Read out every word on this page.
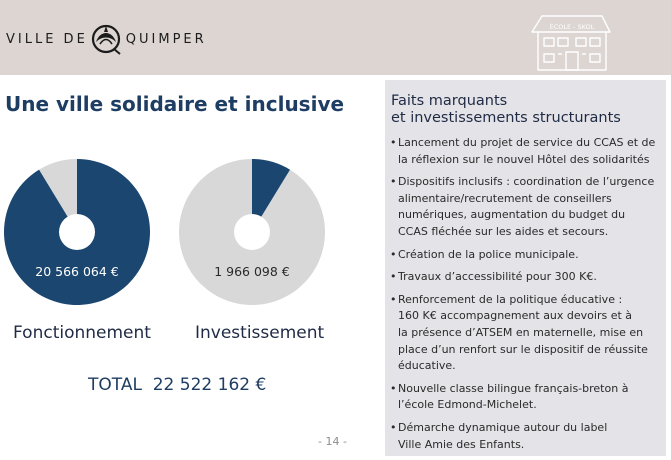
VILLE DE	QUIMPER
ÉCOLE - SKOL
Une ville solidaire et inclusive
20 566 064 €	1 966 098 €
Fonctionnement	Investissement
TOTAL  22 522 162 €
- 14 -
Faits marquants
et investissements structurants
• Lancement du projet de service du CCAS et de
la réflexion sur le nouvel Hôtel des solidarités
• Dispositifs inclusifs : coordination de l’urgence
alimentaire/recrutement de conseillers
numériques, augmentation du budget du
CCAS fléchée sur les aides et secours.
• Création de la police municipale.
• Travaux d’accessibilité pour 300 K€.
• Renforcement de la politique éducative :
160 K€ accompagnement aux devoirs et à
la présence d’ATSEM en maternelle, mise en
place d’un renfort sur le dispositif de réussite
éducative.
• Nouvelle classe bilingue français-breton à
l’école Edmond-Michelet.
• Démarche dynamique autour du label
Ville Amie des Enfants.
